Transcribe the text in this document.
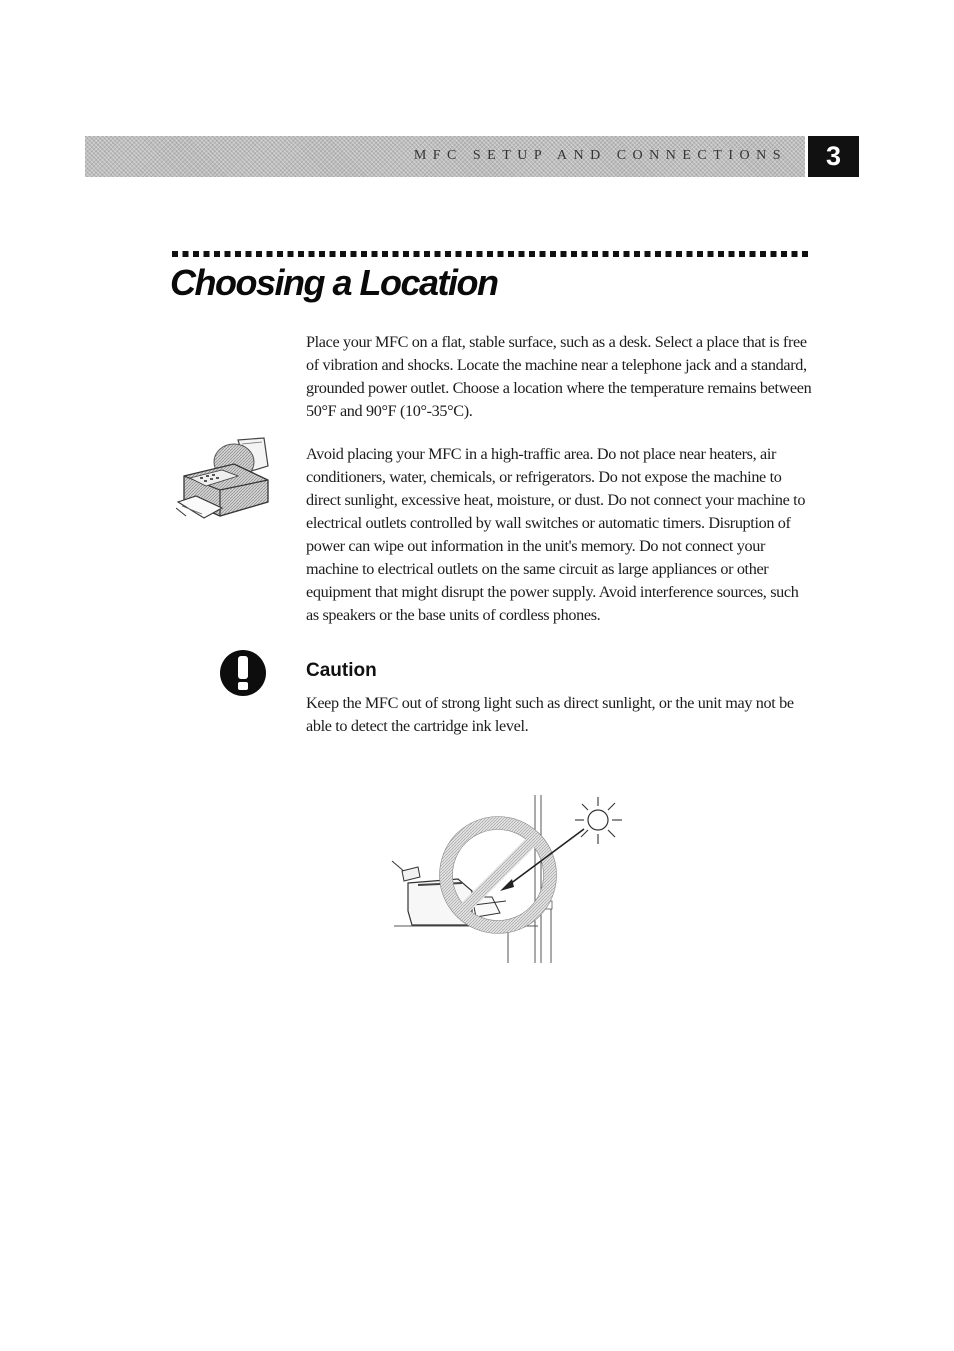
MFC SETUP AND CONNECTIONS	3
Choosing a Location

Place your MFC on a flat, stable surface, such as a desk. Select a place that is free of vibration and shocks. Locate the machine near a telephone jack and a standard, grounded power outlet. Choose a location where the temperature remains between 50°F and 90°F (10°-35°C).

Avoid placing your MFC in a high-traffic area. Do not place near heaters, air conditioners, water, chemicals, or refrigerators. Do not expose the machine to direct sunlight, excessive heat, moisture, or dust. Do not connect your machine to electrical outlets controlled by wall switches or automatic timers. Disruption of power can wipe out information in the unit's memory. Do not connect your machine to electrical outlets on the same circuit as large appliances or other equipment that might disrupt the power supply. Avoid interference sources, such as speakers or the base units of cordless phones.

Caution

Keep the MFC out of strong light such as direct sunlight, or the unit may not be able to detect the cartridge ink level.
